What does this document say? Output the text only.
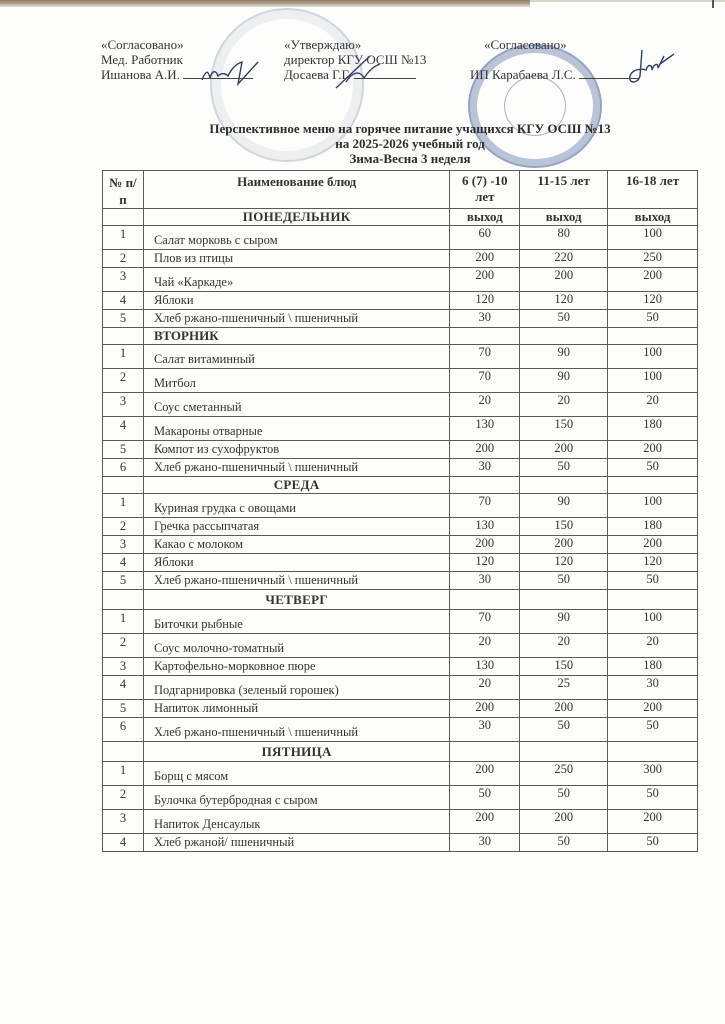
«Согласовано»
Мед. Работник
Ишанова А.И.
«Утверждаю»
директор КГУ ОСШ №13
Досаева Г.Г.
«Согласовано»
ИП Карабаева Л.С.
Перспективное меню на горячее питание учащихся КГУ ОСШ №13
на 2025-2026 учебный год
Зима-Весна 3 неделя
№ п/п	Наименование блюд	6 (7) -10 лет	11-15 лет	16-18 лет
	ПОНЕДЕЛЬНИК	выход	выход	выход
1	Салат морковь с сыром	60	80	100
2	Плов из птицы	200	220	250
3	Чай «Каркаде»	200	200	200
4	Яблоки	120	120	120
5	Хлеб ржано-пшеничный \ пшеничный	30	50	50
	ВТОРНИК			
1	Салат витаминный	70	90	100
2	Митбол	70	90	100
3	Соус сметанный	20	20	20
4	Макароны отварные	130	150	180
5	Компот из сухофруктов	200	200	200
6	Хлеб ржано-пшеничный \ пшеничный	30	50	50
	СРЕДА			
1	Куриная грудка с овощами	70	90	100
2	Гречка рассыпчатая	130	150	180
3	Какао с молоком	200	200	200
4	Яблоки	120	120	120
5	Хлеб ржано-пшеничный \ пшеничный	30	50	50
	ЧЕТВЕРГ			
1	Биточки рыбные	70	90	100
2	Соус молочно-томатный	20	20	20
3	Картофельно-морковное пюре	130	150	180
4	Подгарнировка (зеленый горошек)	20	25	30
5	Напиток лимонный	200	200	200
6	Хлеб ржано-пшеничный \ пшеничный	30	50	50
	ПЯТНИЦА			
1	Борщ с мясом	200	250	300
2	Булочка бутербродная с сыром	50	50	50
3	Напиток Денсаулык	200	200	200
4	Хлеб ржаной/ пшеничный	30	50	50
